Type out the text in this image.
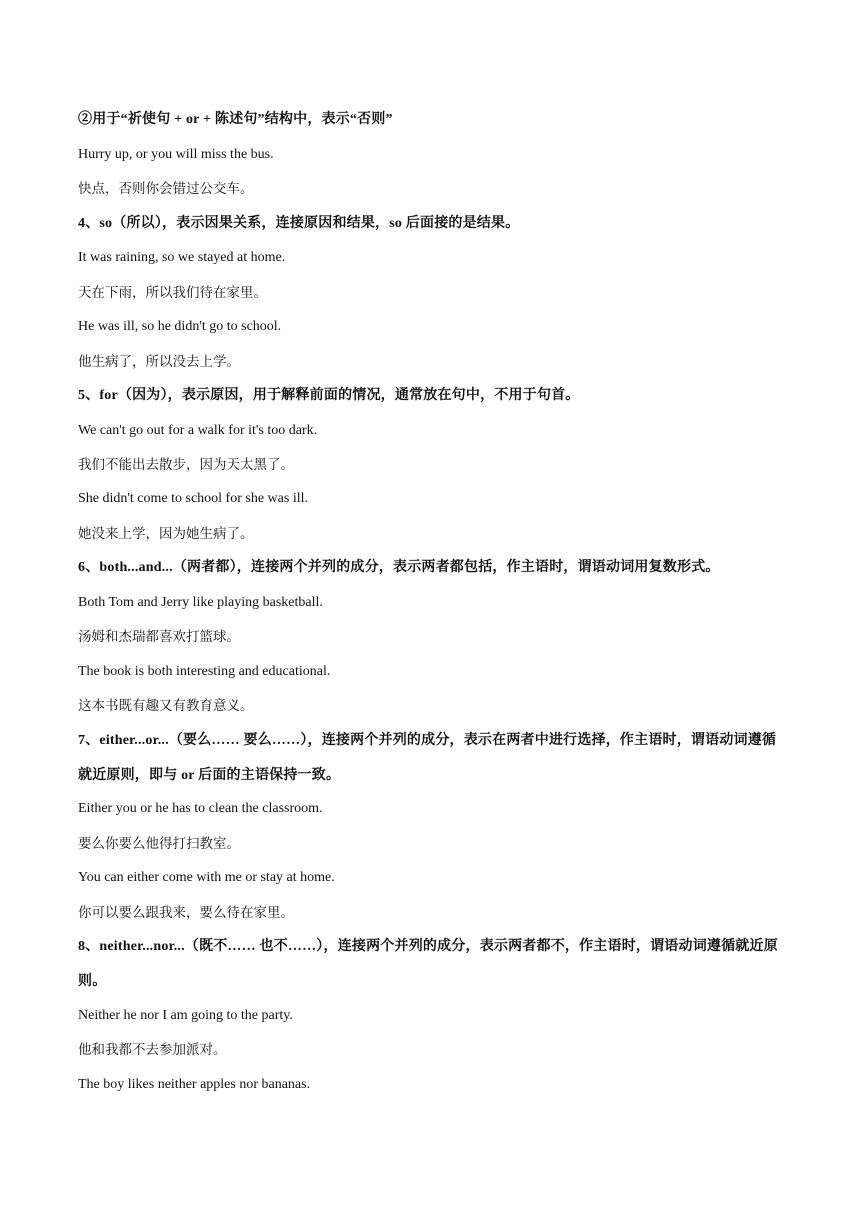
②用于“祈使句 + or + 陈述句”结构中，表示“否则”
Hurry up, or you will miss the bus.
快点，否则你会错过公交车。
4、so（所以），表示因果关系，连接原因和结果，so 后面接的是结果。
It was raining, so we stayed at home.
天在下雨，所以我们待在家里。
He was ill, so he didn't go to school.
他生病了，所以没去上学。
5、for（因为），表示原因，用于解释前面的情况，通常放在句中，不用于句首。
We can't go out for a walk for it's too dark.
我们不能出去散步，因为天太黑了。
She didn't come to school for she was ill.
她没来上学，因为她生病了。
6、both...and...（两者都），连接两个并列的成分，表示两者都包括，作主语时，谓语动词用复数形式。
Both Tom and Jerry like playing basketball.
汤姆和杰瑞都喜欢打篮球。
The book is both interesting and educational.
这本书既有趣又有教育意义。
7、either...or...（要么…… 要么……），连接两个并列的成分，表示在两者中进行选择，作主语时，谓语动词遵循就近原则，即与 or 后面的主语保持一致。
Either you or he has to clean the classroom.
要么你要么他得打扫教室。
You can either come with me or stay at home.
你可以要么跟我来，要么待在家里。
8、neither...nor...（既不…… 也不……），连接两个并列的成分，表示两者都不，作主语时，谓语动词遵循就近原则。
Neither he nor I am going to the party.
他和我都不去参加派对。
The boy likes neither apples nor bananas.
